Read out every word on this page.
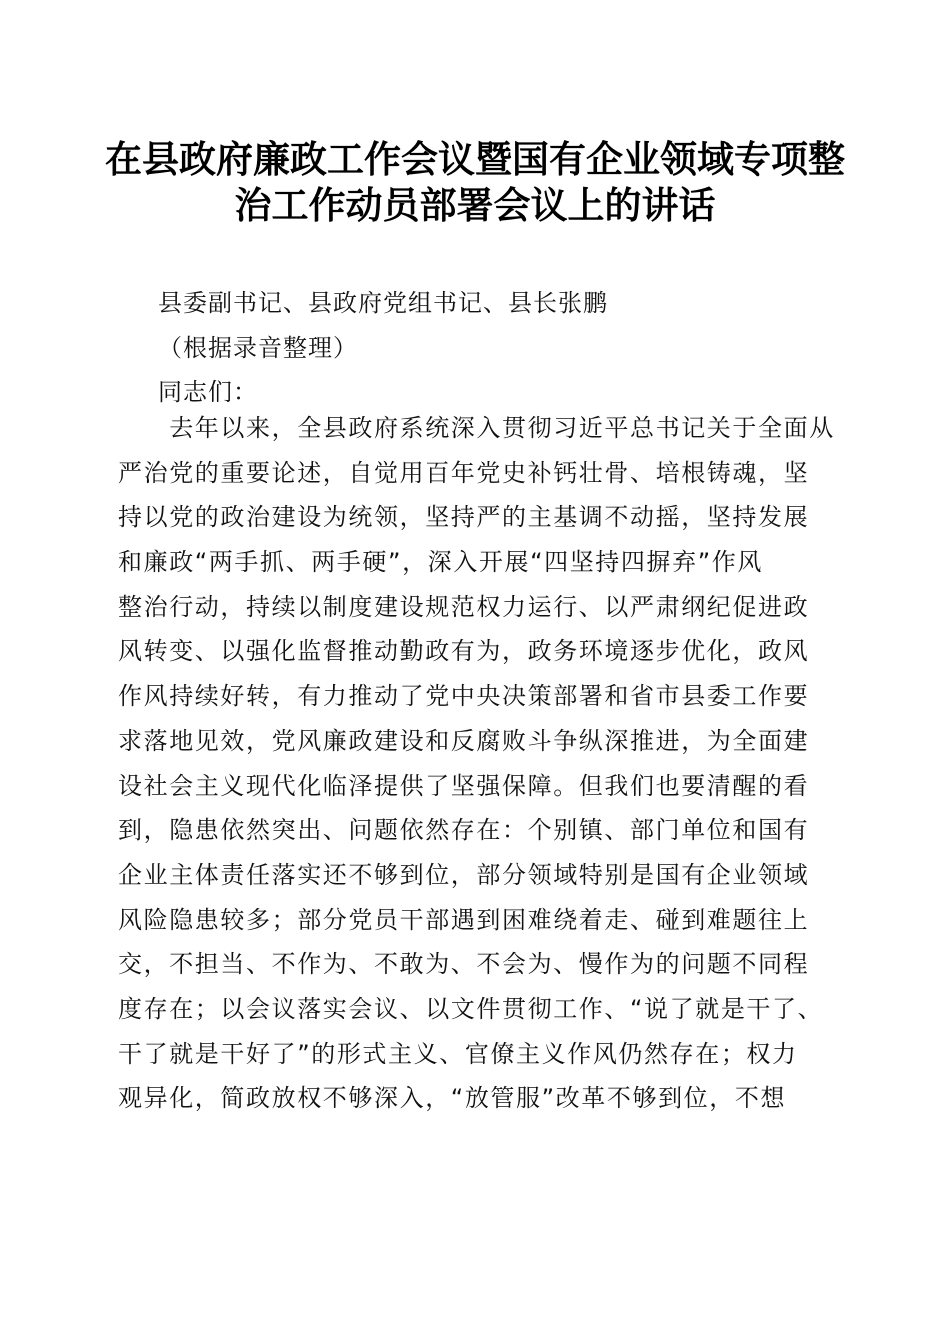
在县政府廉政工作会议暨国有企业领域专项整
治工作动员部署会议上的讲话
县委副书记、县政府党组书记、县长张鹏
（根据录音整理）
同志们：
　　去年以来，全县政府系统深入贯彻习近平总书记关于全面从
严治党的重要论述，自觉用百年党史补钙壮骨、培根铸魂，坚
持以党的政治建设为统领，坚持严的主基调不动摇，坚持发展
和廉政“两手抓、两手硬”，深入开展“四坚持四摒弃”作风
整治行动，持续以制度建设规范权力运行、以严肃纲纪促进政
风转变、以强化监督推动勤政有为，政务环境逐步优化，政风
作风持续好转，有力推动了党中央决策部署和省市县委工作要
求落地见效，党风廉政建设和反腐败斗争纵深推进，为全面建
设社会主义现代化临泽提供了坚强保障。但我们也要清醒的看
到，隐患依然突出、问题依然存在：个别镇、部门单位和国有
企业主体责任落实还不够到位，部分领域特别是国有企业领域
风险隐患较多；部分党员干部遇到困难绕着走、碰到难题往上
交，不担当、不作为、不敢为、不会为、慢作为的问题不同程
度存在；以会议落实会议、以文件贯彻工作、“说了就是干了、
干了就是干好了”的形式主义、官僚主义作风仍然存在；权力
观异化，简政放权不够深入，“放管服”改革不够到位，不想
